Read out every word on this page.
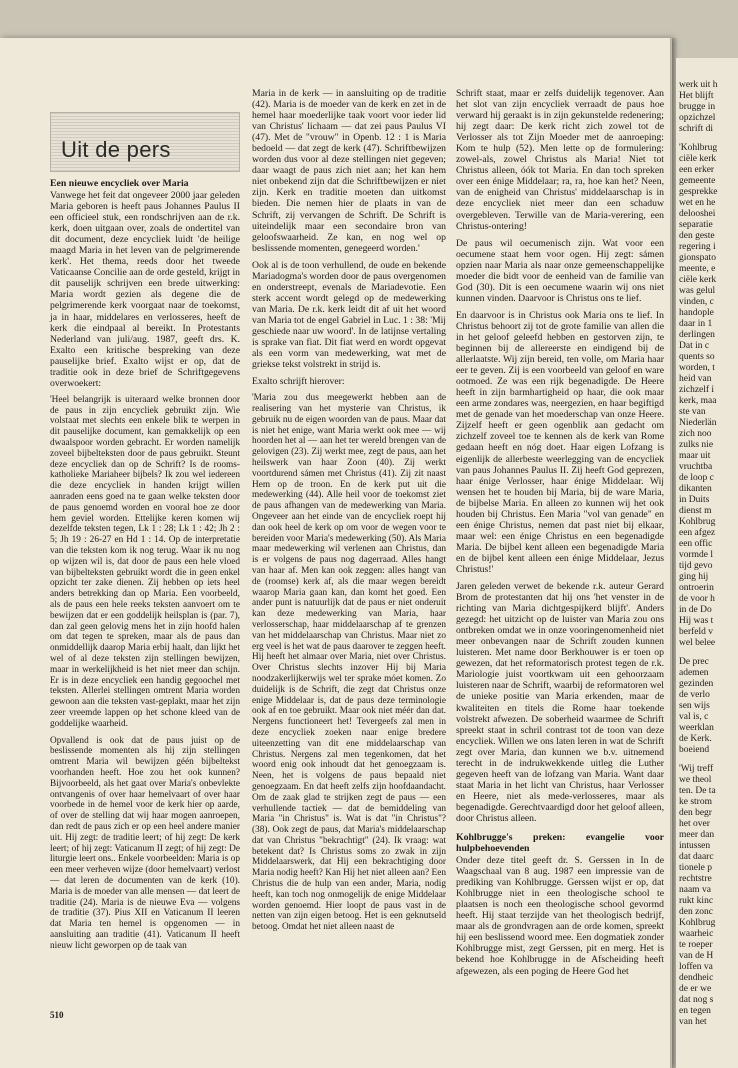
werk uit h
Het blijft
brugge in
opzichzel
schrift di
'Kohlbrug
ciële kerk
een erker
gemeente
gesprekke
wet en he
delooshei
separatie
den geste
regering i
gionspato
meente, e
ciële kerk
was gelul
vinden, c
handople
daar in 1
derlingen
Dat in c
quents so
worden, t
heid van
zichzelf i
kerk, maa
ste van
Niederlän
zich noo
zulks nie
maar uit
vruchtba
de loop c
dikanten
in Duits
dienst m
Kohlbrug
een afgez
een offic
vormde l
tijd gevo
ging hij
ontroerin
de voor h
in de Do
Hij was t
berfeld v
wel belee
De prec
ademen
gezinden
de verlo
sen wijs
val is, c
weerklan
de Kerk.
boeiend
'Wij treff
we theol
ten. De ta
ke strom
den begr
het over
meer dan
intussen
dat daarc
tionele p
rechtstre
naam va
rukt kinc
den zonc
Kohlbrug
waarheic
te roeper
van de H
loffen va
dendheic
de er we
dat nog s
en tegen
van het
Uit de pers
Een nieuwe encycliek over Maria

Vanwege het feit dat ongeveer 2000 jaar geleden Maria geboren is heeft paus Johannes Paulus II een officieel stuk, een rondschrijven aan de r.k. kerk, doen uitgaan over, zoals de ondertitel van dit document, deze encycliek luidt 'de heilige maagd Maria in het leven van de pelgrimerende kerk'. Het thema, reeds door het tweede Vaticaanse Concilie aan de orde gesteld, krijgt in dit pauselijk schrijven een brede uitwerking: Maria wordt gezien als degene die de pelgrimerende kerk voorgaat naar de toekomst, ja in haar, middelares en verlosseres, heeft de kerk die eindpaal al bereikt. In Protestants Nederland van juli/aug. 1987, geeft drs. K. Exalto een kritische bespreking van deze pauselijke brief. Exalto wijst er op, dat de traditie ook in deze brief de Schriftgegevens overwoekert:

'Heel belangrijk is uiteraard welke bronnen door de paus in zijn encycliek gebruikt zijn. Wie volstaat met slechts een enkele blik te werpen in dit pauselijke document, kan gemakkelijk op een dwaalspoor worden gebracht. Er worden namelijk zoveel bijbelteksten door de paus gebruikt. Steunt deze encycliek dan op de Schrift? Is de rooms-katholieke Mariaheer bijbels? Ik zou wel iedereen die deze encycliek in handen krijgt willen aanraden eens goed na te gaan welke teksten door de paus genoemd worden en vooral hoe ze door hem geviel worden. Ettelijke keren komen wij dezelfde teksten tegen, Lk 1 : 28; Lk 1 : 42; Jh 2 : 5; Jh 19 : 26-27 en Hd 1 : 14. Op de interpretatie van die teksten kom ik nog terug. Waar ik nu nog op wijzen wil is, dat door de paus een hele vloed van bijbelteksten gebruikt wordt die in geen enkel opzicht ter zake dienen. Zij hebben op iets heel anders betrekking dan op Maria. Een voorbeeld, als de paus een hele reeks teksten aanvoert om te bewijzen dat er een goddelijk heilsplan is (par. 7), dan zal geen gelovig mens het in zijn hoofd halen om dat tegen te spreken, maar als de paus dan onmiddellijk daarop Maria erbij haalt, dan lijkt het wel of al deze teksten zijn stellingen bewijzen, maar in werkelijkheid is het niet meer dan schijn. Er is in deze encycliek een handig gegoochel met teksten. Allerlei stellingen omtrent Maria worden gewoon aan die teksten vast-geplakt, maar het zijn zeer vreemde lappen op het schone kleed van de goddelijke waarheid.

Opvallend is ook dat de paus juist op de beslissende momenten als hij zijn stellingen omtrent Maria wil bewijzen géén bijbeltekst voorhanden heeft. Hoe zou het ook kunnen? Bijvoorbeeld, als het gaat over Maria's onbevlekte ontvangenis of over haar hemelvaart of over haar voorbede in de hemel voor de kerk hier op aarde, of over de stelling dat wij haar mogen aanroepen, dan redt de paus zich er op een heel andere manier uit. Hij zegt: de traditie leert; of hij zegt: De kerk leert; of hij zegt: Vaticanum II zegt; of hij zegt: De liturgie leert ons.. Enkele voorbeelden: Maria is op een meer verheven wijze (door hemelvaart) verlost — dat leren de documenten van de kerk (10). Maria is de moeder van alle mensen — dat leert de traditie (24). Maria is de nieuwe Eva — volgens de traditie (37). Pius XII en Vaticanum II leeren dat Maria ten hemel is opgenomen — in aansluiting aan traditie (41). Vaticanum II heeft nieuw licht geworpen op de taak van

Maria in de kerk — in aansluiting op de traditie (42). Maria is de moeder van de kerk en zet in de hemel haar moederlijke taak voort voor ieder lid van Christus' lichaam — dat zei paus Paulus VI (47). Met de "vrouw" in Openb. 12 : 1 is Maria bedoeld — dat zegt de kerk (47). Schriftbewijzen worden dus voor al deze stellingen niet gegeven; daar waagt de paus zich niet aan; het kan hem niet onbekend zijn dat die Schriftbewijzen er niet zijn. Kerk en traditie moeten dan uitkomst bieden. Die nemen hier de plaats in van de Schrift, zij vervangen de Schrift. De Schrift is uiteindelijk maar een secondaire bron van geloofswaarheid. Ze kan, en nog wel op beslissende momenten, genegeerd worden.'

Ook al is de toon verhullend, de oude en bekende Mariadogma's worden door de paus overgenomen en onderstreept, evenals de Mariadevotie. Een sterk accent wordt gelegd op de medewerking van Maria. De r.k. kerk leidt dit af uit het woord van Maria tot de engel Gabriel in Luc. 1 : 38: 'Mij geschiede naar uw woord'. In de latijnse vertaling is sprake van fiat. Dit fiat werd en wordt opgevat als een vorm van medewerking, wat met de griekse tekst volstrekt in strijd is.

Exalto schrijft hierover:

'Maria zou dus meegewerkt hebben aan de realisering van het mysterie van Christus, ik gebruik nu de eigen woorden van de paus. Maar dat is niet het enige, want Maria werkt ook mee — wij hoorden het al — aan het ter wereld brengen van de gelovigen (23). Zij werkt mee, zegt de paus, aan het heilswerk van haar Zoon (40). Zij werkt voortdurend sámen met Christus (41). Zij zit naast Hem op de troon. En de kerk put uit die medewerking (44). Alle heil voor de toekomst ziet de paus afhangen van de medewerking van Maria. Ongeveer aan het einde van de encycliek roept hij dan ook heel de kerk op om voor de wegen voor te bereiden voor Maria's medewerking (50). Als Maria maar medewerking wil verlenen aan Christus, dan is er volgens de paus nog dagerraad. Alles hangt van haar af. Men kan ook zeggen: alles hangt van de (roomse) kerk af, als die maar wegen bereidt waarop Maria gaan kan, dan komt het goed. Een ander punt is natuurlijk dat de paus er niet onderuit kan deze medewerking van Maria, haar verlosserschap, haar middelaarschap af te grenzen van het middelaarschap van Christus. Maar niet zo erg veel is het wat de paus daarover te zeggen heeft. Hij heeft het almaar over Maria, niet over Christus. Over Christus slechts inzover Hij bij Maria noodzakerlijkerwijs wel ter sprake móet komen. Zo duidelijk is de Schrift, die zegt dat Christus onze enige Middelaar is, dat de paus deze terminologie ook af en toe gebruikt. Maar ook niet méér dan dat. Nergens functioneert het! Tevergeefs zal men in deze encycliek zoeken naar enige bredere uiteenzetting van dit ene middelaarschap van Christus. Nergens zal men tegenkomen, dat het woord enig ook inhoudt dat het genoegzaam is. Neen, het is volgens de paus bepaald niet genoegzaam. En dat heeft zelfs zijn hoofdaandacht. Om de zaak glad te strijken zegt de paus — een verhullende tactiek — dat de bemiddeling van Maria "in Christus" is. Wat is dat "in Christus"? (38). Ook zegt de paus, dat Maria's middelaarschap dat van Christus "bekrachtigt" (24). Ik vraag: wat betekent dat? Is Christus soms zo zwak in zijn Middelaarswerk, dat Hij een bekrachtiging door Maria nodig heeft? Kan Hij het niet alleen aan? Een Christus die de hulp van een ander, Maria, nodig heeft, kan toch nog onmogelijk de enige Middelaar worden genoemd. Hier loopt de paus vast in de netten van zijn eigen betoog. Het is een geknutseld betoog. Omdat het niet alleen naast de

Schrift staat, maar er zelfs duidelijk tegenover. Aan het slot van zijn encycliek verraadt de paus hoe verward hij geraakt is in zijn gekunstelde redenering; hij zegt daar: De kerk richt zich zowel tot de Verlosser als tot Zijn Moeder met de aanroeping: Kom te hulp (52). Men lette op de formulering: zowel-als, zowel Christus als Maria! Niet tot Christus alleen, óók tot Maria. En dan toch spreken over een énige Middelaar; ra, ra, hoe kan het? Neen, van de enigheid van Christus' middelaarschap is in deze encycliek niet meer dan een schaduw overgebleven. Terwille van de Maria-verering, een Christus-ontering!

De paus wil oecumenisch zijn. Wat voor een oecumene staat hem voor ogen. Hij zegt: sámen opzien naar Maria als naar onze gemeenschappelijke moeder die bidt voor de eenheid van de familie van God (30). Dit is een oecumene waarin wij ons niet kunnen vinden. Daarvoor is Christus ons te lief.

En daarvoor is in Christus ook Maria ons te lief. In Christus behoort zij tot de grote familie van allen die in het geloof geleefd hebben en gestorven zijn, te beginnen bij de allereerste en eindigend bij de allerlaatste. Wij zijn bereid, ten volle, om Maria haar eer te geven. Zij is een voorbeeld van geloof en ware ootmoed. Ze was een rijk begenadigde. De Heere heeft in zijn barmhartigheid op haar, die ook maar een arme zondares was, neergezien, en haar begiftigd met de genade van het moederschap van onze Heere. Zijzelf heeft er geen ogenblik aan gedacht om zichzelf zoveel toe te kennen als de kerk van Rome gedaan heeft en nóg doet. Haar eigen Lofzang is eigenlijk de allerbeste weerlegging van de encycliek van paus Johannes Paulus II. Zij heeft God geprezen, haar énige Verlosser, haar énige Middelaar. Wij wensen het te houden bij Maria, bij de ware Maria, de bijbelse Maria. En alleen zo kunnen wij het ook houden bij Christus. Een Maria "vol van genade" en een énige Christus, nemen dat past niet bij elkaar, maar wel: een énige Christus en een begenadigde Maria. De bijbel kent alleen een begenadigde Maria en de bijbel kent alleen een énige Middelaar, Jezus Christus!'

Jaren geleden verwet de bekende r.k. auteur Gerard Brom de protestanten dat hij ons 'het venster in de richting van Maria dichtgespijkerd blijft'. Anders gezegd: het uitzicht op de luister van Maria zou ons ontbreken omdat we in onze vooringenomenheid niet meer onbevangen naar de Schrift zouden kunnen luisteren. Met name door Berkhouwer is er toen op gewezen, dat het reformatorisch protest tegen de r.k. Mariologie juist voortkwam uit een gehoorzaam luisteren naar de Schrift, waarbij de reformatoren wel de unieke positie van Maria erkenden, maar de kwaliteiten en titels die Rome haar toekende volstrekt afwezen. De soberheid waarmee de Schrift spreekt staat in schril contrast tot de toon van deze encycliek. Willen we ons laten leren in wat de Schrift zegt over Maria, dan kunnen we b.v. uitnemend terecht in de indrukwekkende uitleg die Luther gegeven heeft van de lofzang van Maria. Want daar staat Maria in het licht van Christus, haar Verlosser en Heere, niet als mede-verlosseres, maar als begenadigde. Gerechtvaardigd door het geloof alleen, door Christus alleen.

Kohlbrugge's preken: evangelie voor hulpbehoevenden

Onder deze titel geeft dr. S. Gerssen in In de Waagschaal van 8 aug. 1987 een impressie van de prediking van Kohlbrugge. Gerssen wijst er op, dat Kohlbrugge niet in een theologische school te plaatsen is noch een theologische school gevormd heeft. Hij staat terzijde van het theologisch bedrijf, maar als de grondvragen aan de orde komen, spreekt hij een beslissend woord mee. Een dogmatiek zonder Kohlbrugge mist, zegt Gerssen, pit en merg. Het is bekend hoe Kohlbrugge in de Afscheiding heeft afgewezen, als een poging de Heere God het

510
